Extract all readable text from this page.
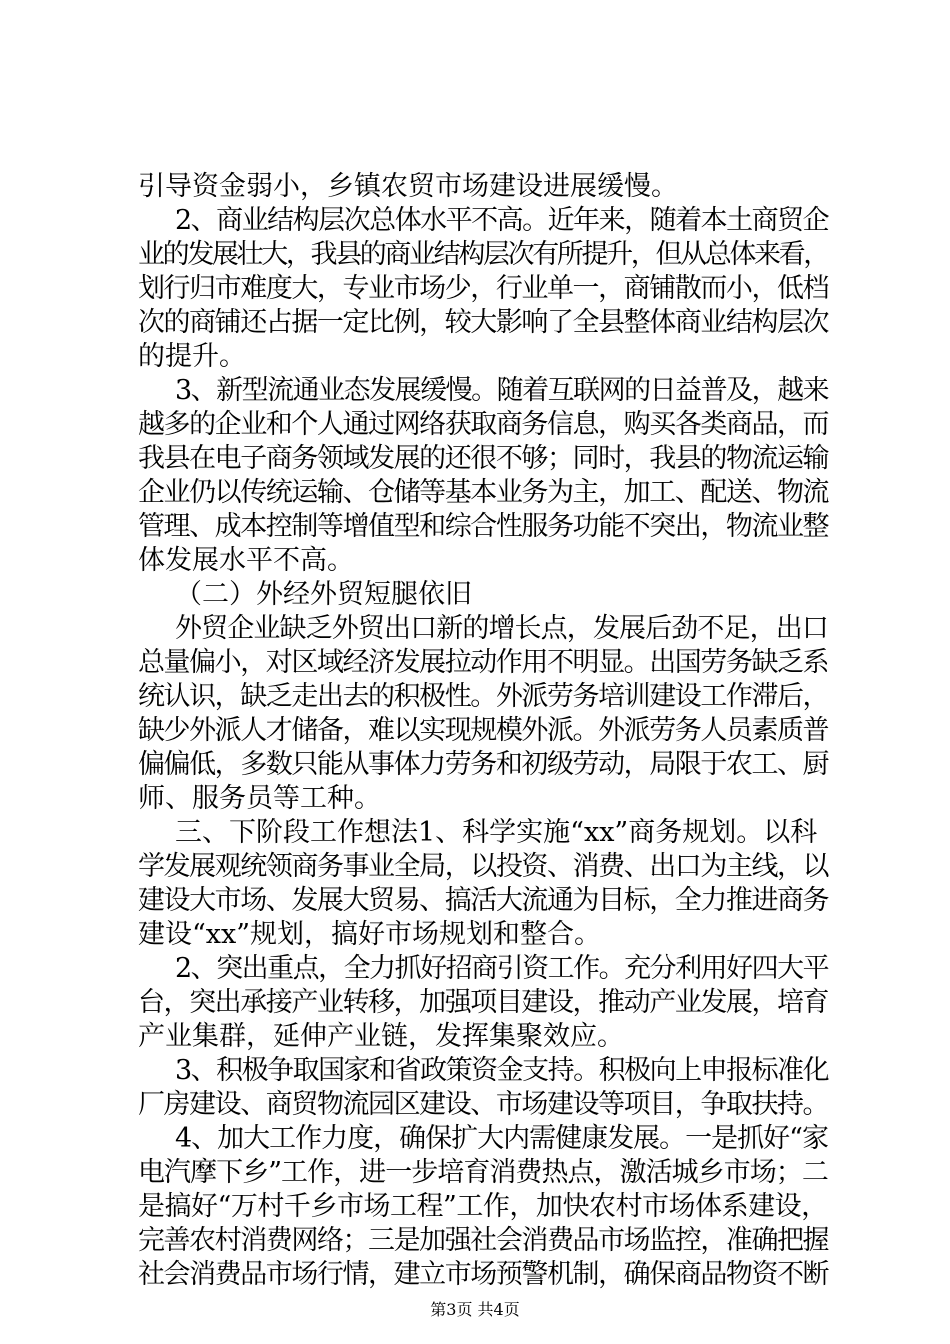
引导资金弱小，乡镇农贸市场建设进展缓慢。
2、商业结构层次总体水平不高。近年来，随着本土商贸企
业的发展壮大，我县的商业结构层次有所提升，但从总体来看，
划行归市难度大，专业市场少，行业单一，商铺散而小，低档
次的商铺还占据一定比例，较大影响了全县整体商业结构层次
的提升。
3、新型流通业态发展缓慢。随着互联网的日益普及，越来
越多的企业和个人通过网络获取商务信息，购买各类商品，而
我县在电子商务领域发展的还很不够；同时，我县的物流运输
企业仍以传统运输、仓储等基本业务为主，加工、配送、物流
管理、成本控制等增值型和综合性服务功能不突出，物流业整
体发展水平不高。
（二）外经外贸短腿依旧
外贸企业缺乏外贸出口新的增长点，发展后劲不足，出口
总量偏小，对区域经济发展拉动作用不明显。出国劳务缺乏系
统认识，缺乏走出去的积极性。外派劳务培训建设工作滞后，
缺少外派人才储备，难以实现规模外派。外派劳务人员素质普
偏偏低，多数只能从事体力劳务和初级劳动，局限于农工、厨
师、服务员等工种。
三、下阶段工作想法1、科学实施“xx”商务规划。以科
学发展观统领商务事业全局，以投资、消费、出口为主线，以
建设大市场、发展大贸易、搞活大流通为目标，全力推进商务
建设“xx”规划，搞好市场规划和整合。
2、突出重点，全力抓好招商引资工作。充分利用好四大平
台，突出承接产业转移，加强项目建设，推动产业发展，培育
产业集群，延伸产业链，发挥集聚效应。
3、积极争取国家和省政策资金支持。积极向上申报标准化
厂房建设、商贸物流园区建设、市场建设等项目，争取扶持。
4、加大工作力度，确保扩大内需健康发展。一是抓好“家
电汽摩下乡”工作，进一步培育消费热点，激活城乡市场；二
是搞好“万村千乡市场工程”工作，加快农村市场体系建设，
完善农村消费网络；三是加强社会消费品市场监控，准确把握
社会消费品市场行情，建立市场预警机制，确保商品物资不断
第3页 共4页
